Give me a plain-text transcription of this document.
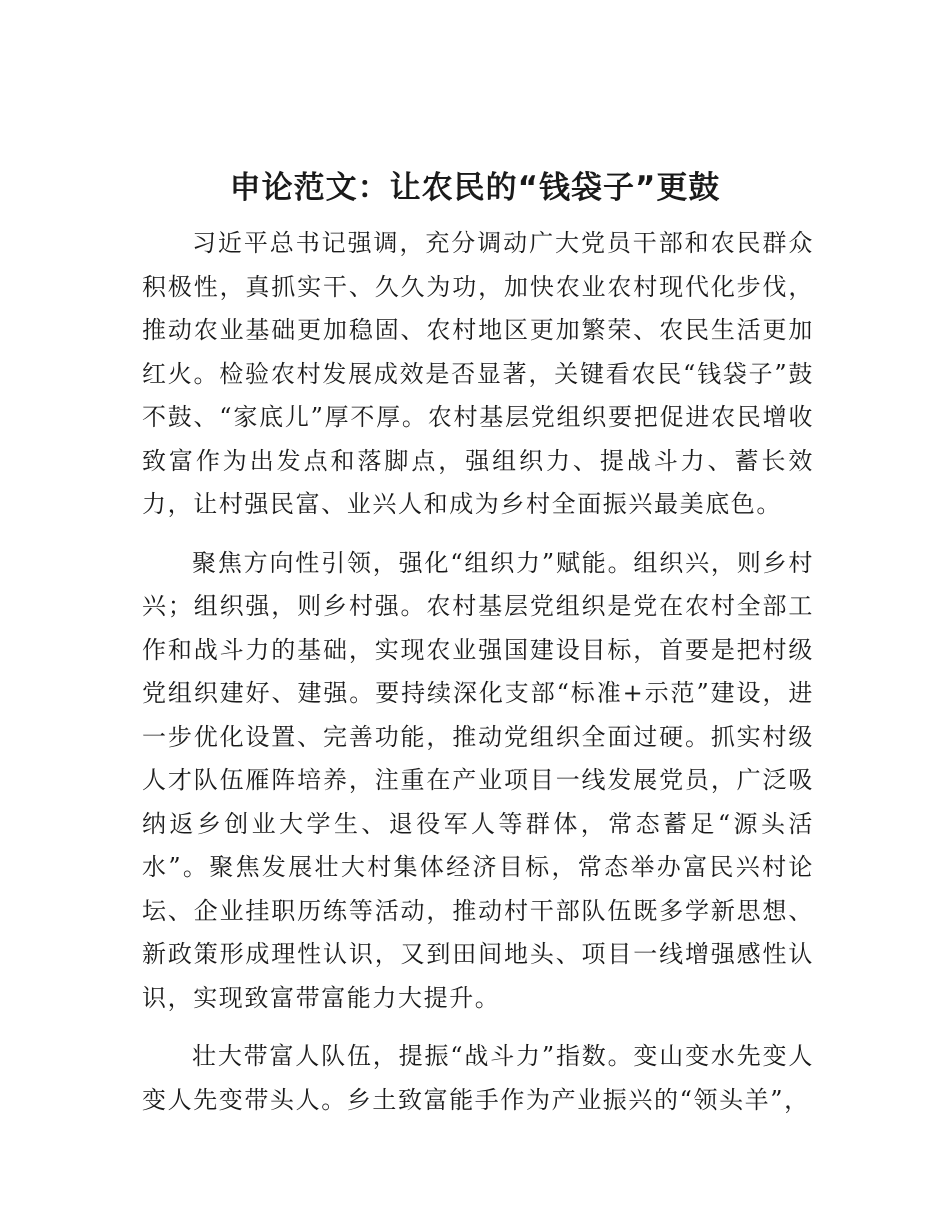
申论范文：让农民的“钱袋子”更鼓

习近平总书记强调，充分调动广大党员干部和农民群众积极性，真抓实干、久久为功，加快农业农村现代化步伐，推动农业基础更加稳固、农村地区更加繁荣、农民生活更加红火。检验农村发展成效是否显著，关键看农民“钱袋子”鼓不鼓、“家底儿”厚不厚。农村基层党组织要把促进农民增收致富作为出发点和落脚点，强组织力、提战斗力、蓄长效力，让村强民富、业兴人和成为乡村全面振兴最美底色。

聚焦方向性引领，强化“组织力”赋能。组织兴，则乡村兴；组织强，则乡村强。农村基层党组织是党在农村全部工作和战斗力的基础，实现农业强国建设目标，首要是把村级党组织建好、建强。要持续深化支部“标准+示范”建设，进一步优化设置、完善功能，推动党组织全面过硬。抓实村级人才队伍雁阵培养，注重在产业项目一线发展党员，广泛吸纳返乡创业大学生、退役军人等群体，常态蓄足“源头活水”。聚焦发展壮大村集体经济目标，常态举办富民兴村论坛、企业挂职历练等活动，推动村干部队伍既多学新思想、新政策形成理性认识，又到田间地头、项目一线增强感性认识，实现致富带富能力大提升。

壮大带富人队伍，提振“战斗力”指数。变山变水先变人变人先变带头人。乡土致富能手作为产业振兴的“领头羊”，
